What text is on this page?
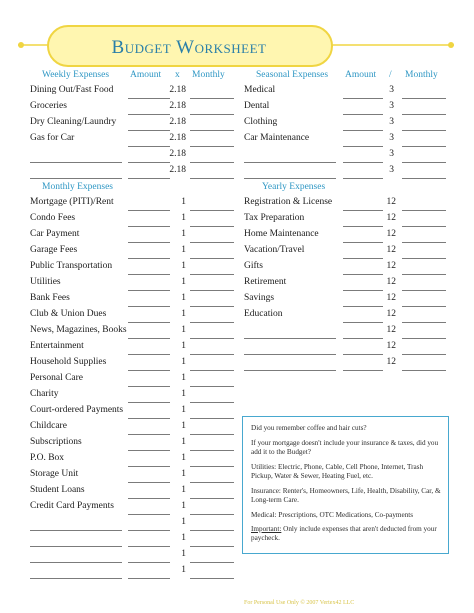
Budget Worksheet
Weekly Expenses Amount x Monthly	Seasonal Expenses Amount / Monthly
Monthly Expenses	Yearly Expenses
Dining Out/Fast Food	2.18
Groceries	2.18
Dry Cleaning/Laundry	2.18
Gas for Car	2.18
2.18
2.18
Medical	3
Dental	3
Clothing	3
Car Maintenance	3
3
3
Mortgage (PITI)/Rent	1
Condo Fees	1
Car Payment	1
Garage Fees	1
Public Transportation	1
Utilities	1
Bank Fees	1
Club & Union Dues	1
News, Magazines, Books	1
Entertainment	1
Household Supplies	1
Personal Care	1
Charity	1
Court-ordered Payments	1
Childcare	1
Subscriptions	1
P.O. Box	1
Storage Unit	1
Student Loans	1
Credit Card Payments	1
1
1
1
1
Registration & License	12
Tax Preparation	12
Home Maintenance	12
Vacation/Travel	12
Gifts	12
Retirement	12
Savings	12
Education	12
12
12
12
Did you remember coffee and hair cuts?
If your mortgage doesn't include your insurance & taxes, did you add it to the Budget?
Utilities: Electric, Phone, Cable, Cell Phone, Internet, Trash Pickup, Water & Sewer, Heating Fuel, etc.
Insurance: Renter's, Homeowners, Life, Health, Disability, Car, & Long-term Care.
Medical: Prescriptions, OTC Medications, Co-payments
Important: Only include expenses that aren't deducted from your paycheck.
For Personal Use Only © 2007 Vertex42 LLC
